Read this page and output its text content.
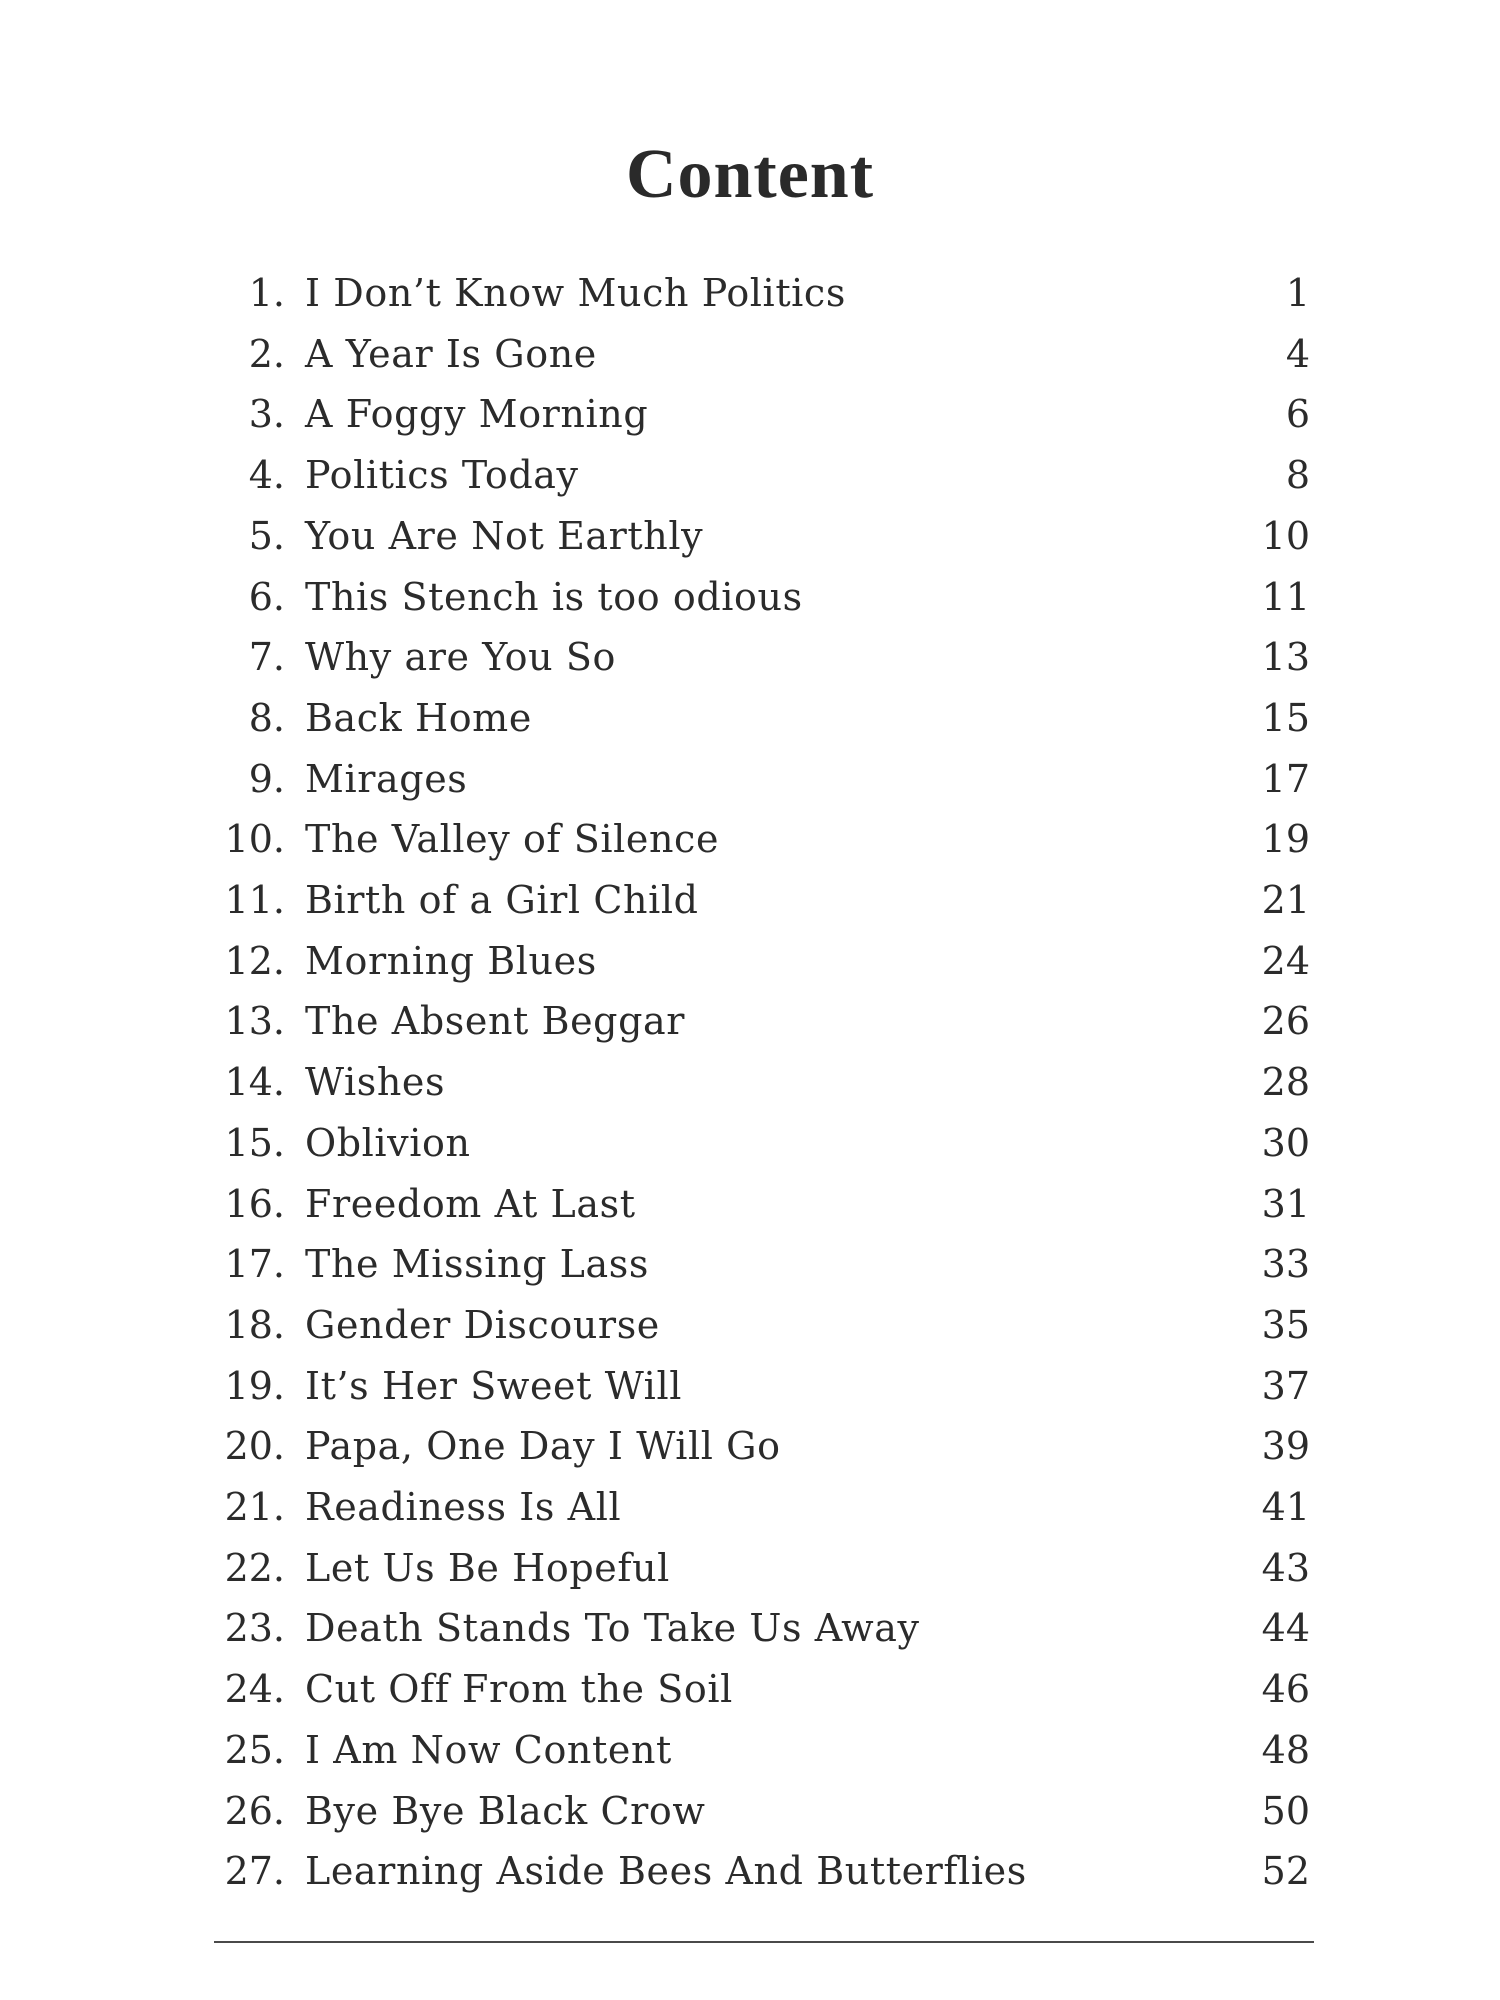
Content
1. I Don’t Know Much Politics	1
2. A Year Is Gone	4
3. A Foggy Morning	6
4. Politics Today	8
5. You Are Not Earthly	10
6. This Stench is too odious	11
7. Why are You So	13
8. Back Home	15
9. Mirages	17
10. The Valley of Silence	19
11. Birth of a Girl Child	21
12. Morning Blues	24
13. The Absent Beggar	26
14. Wishes	28
15. Oblivion	30
16. Freedom At Last	31
17. The Missing Lass	33
18. Gender Discourse	35
19. It’s Her Sweet Will	37
20. Papa, One Day I Will Go	39
21. Readiness Is All	41
22. Let Us Be Hopeful	43
23. Death Stands To Take Us Away	44
24. Cut Off From the Soil	46
25. I Am Now Content	48
26. Bye Bye Black Crow	50
27. Learning Aside Bees And Butterflies	52
